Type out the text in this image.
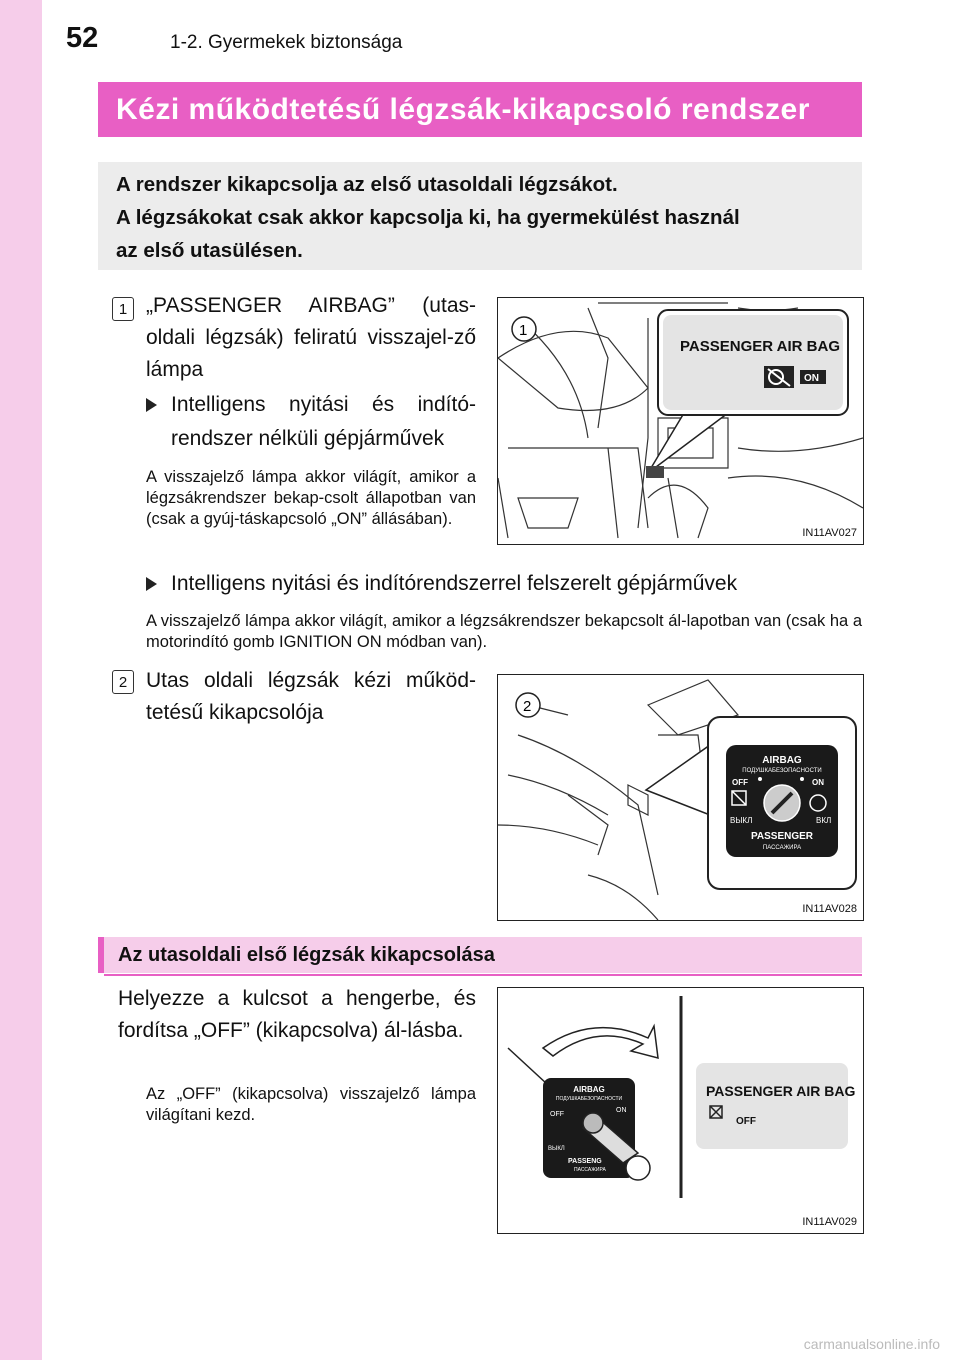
52	1-2. Gyermekek biztonsága
Kézi működtetésű légzsák-kikapcsoló rendszer
A rendszer kikapcsolja az első utasoldali légzsákot.
A légzsákokat csak akkor kapcsolja ki, ha gyermekülést használ
az első utasülésen.
1 „PASSENGER AIRBAG” (utas-oldali légzsák) feliratú visszajel-ző lámpa
Intelligens nyitási és indító-rendszer nélküli gépjárművek
A visszajelző lámpa akkor világít, amikor a légzsákrendszer bekap-csolt állapotban van (csak a gyúj-táskapcsoló „ON” állásában).
Intelligens nyitási és indítórendszerrel felszerelt gépjárművek
A visszajelző lámpa akkor világít, amikor a légzsákrendszer bekapcsolt ál-lapotban van (csak ha a motorindító gomb IGNITION ON módban van).
PASSENGER AIR BAG
ON
1
IN11AV027
2 Utas oldali légzsák kézi működ-tetésű kikapcsolója
AIRBAG
ПОДУШКАБЕЗОПАСНОСТИ
OFF	ON
ВЫКЛ	ВКЛ
PASSENGER
ПАССАЖИРА
2
IN11AV028
Az utasoldali első légzsák kikapcsolása
Helyezze a kulcsot a hengerbe, és fordítsa „OFF” (kikapcsolva) ál-lásba.
Az „OFF” (kikapcsolva) visszajelző lámpa világítani kezd.
AIRBAG
ПОДУШКАБЕЗОПАСНОСТИ
OFF
ON
ВЫКЛ
PASSENG
ПАССАЖИРА
PASSENGER AIR BAG
OFF
IN11AV029
carmanualsonline.info
